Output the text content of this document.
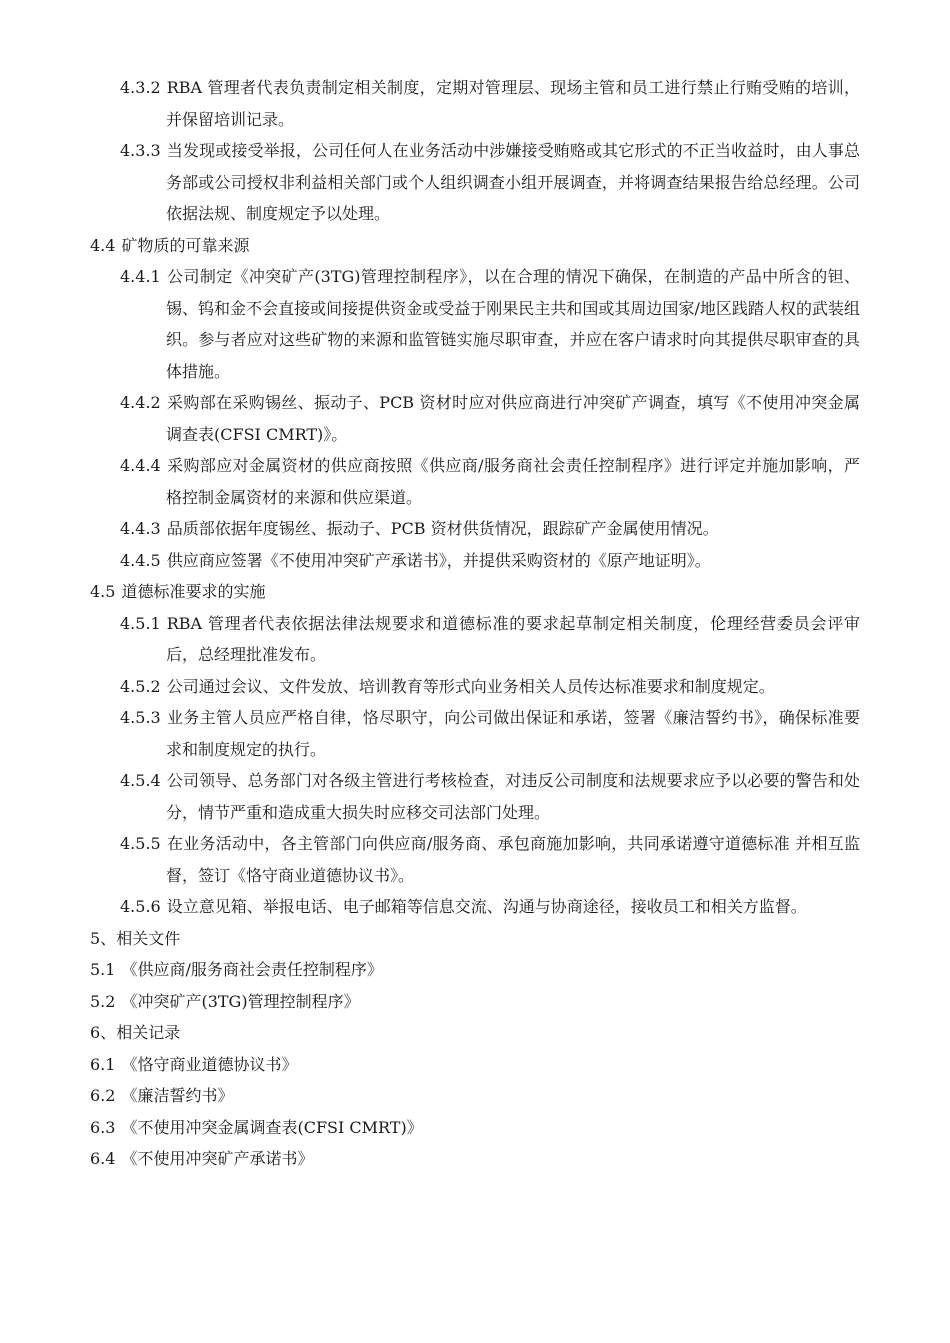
4.3.2 RBA 管理者代表负责制定相关制度，定期对管理层、现场主管和员工进行禁止行贿受贿的培训，并保留培训记录。
4.3.3 当发现或接受举报，公司任何人在业务活动中涉嫌接受贿赂或其它形式的不正当收益时，由人事总务部或公司授权非利益相关部门或个人组织调查小组开展调查，并将调查结果报告给总经理。公司依据法规、制度规定予以处理。
4.4 矿物质的可靠来源
4.4.1 公司制定《冲突矿产(3TG)管理控制程序》，以在合理的情况下确保，在制造的产品中所含的钽、锡、钨和金不会直接或间接提供资金或受益于刚果民主共和国或其周边国家/地区践踏人权的武装组织。参与者应对这些矿物的来源和监管链实施尽职审查，并应在客户请求时向其提供尽职审查的具体措施。
4.4.2 采购部在采购锡丝、振动子、PCB 资材时应对供应商进行冲突矿产调查，填写《不使用冲突金属调查表(CFSI CMRT)》。
4.4.4 采购部应对金属资材的供应商按照《供应商/服务商社会责任控制程序》进行评定并施加影响，严格控制金属资材的来源和供应渠道。
4.4.3 品质部依据年度锡丝、振动子、PCB 资材供货情况，跟踪矿产金属使用情况。
4.4.5 供应商应签署《不使用冲突矿产承诺书》，并提供采购资材的《原产地证明》。
4.5 道德标准要求的实施
4.5.1 RBA 管理者代表依据法律法规要求和道德标准的要求起草制定相关制度，伦理经营委员会评审后，总经理批准发布。
4.5.2 公司通过会议、文件发放、培训教育等形式向业务相关人员传达标准要求和制度规定。
4.5.3 业务主管人员应严格自律，恪尽职守，向公司做出保证和承诺，签署《廉洁誓约书》，确保标准要求和制度规定的执行。
4.5.4 公司领导、总务部门对各级主管进行考核检查，对违反公司制度和法规要求应予以必要的警告和处分，情节严重和造成重大损失时应移交司法部门处理。
4.5.5 在业务活动中，各主管部门向供应商/服务商、承包商施加影响，共同承诺遵守道德标准 并相互监督，签订《恪守商业道德协议书》。
4.5.6 设立意见箱、举报电话、电子邮箱等信息交流、沟通与协商途径，接收员工和相关方监督。
5、相关文件
5.1 《供应商/服务商社会责任控制程序》
5.2 《冲突矿产(3TG)管理控制程序》
6、相关记录
6.1 《恪守商业道德协议书》
6.2 《廉洁誓约书》
6.3 《不使用冲突金属调查表(CFSI CMRT)》
6.4 《不使用冲突矿产承诺书》
